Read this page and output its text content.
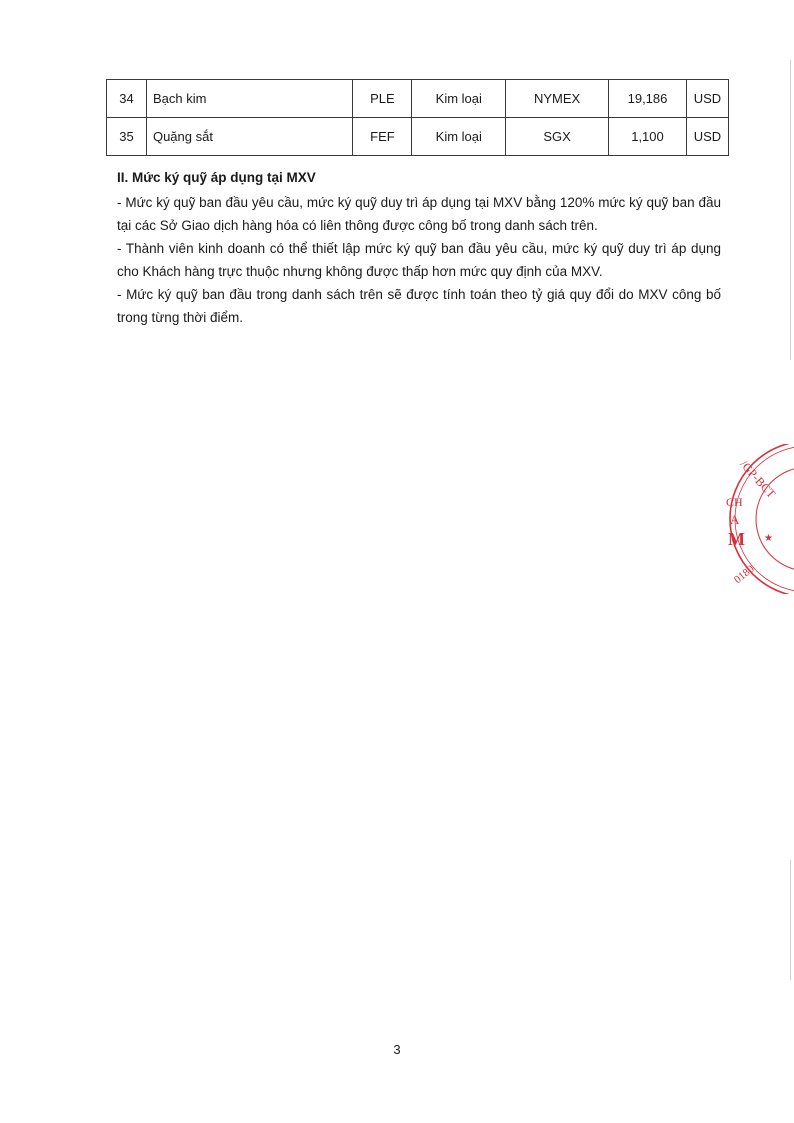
34	Bạch kim	PLE	Kim loại	NYMEX	19,186	USD
35	Quặng sắt	FEF	Kim loại	SGX	1,100	USD
II. Mức ký quỹ áp dụng tại MXV

- Mức ký quỹ ban đầu yêu cầu, mức ký quỹ duy trì áp dụng tại MXV bằng 120% mức ký quỹ ban đầu tại các Sở Giao dịch hàng hóa có liên thông được công bố trong danh sách trên.

- Thành viên kinh doanh có thể thiết lập mức ký quỹ ban đầu yêu cầu, mức ký quỹ duy trì áp dụng cho Khách hàng trực thuộc nhưng không được thấp hơn mức quy định của MXV.

- Mức ký quỹ ban đầu trong danh sách trên sẽ được tính toán theo tỷ giá quy đổi do MXV công bố trong từng thời điểm.

/GP-BCT
CH
A
M
0180
★
3
